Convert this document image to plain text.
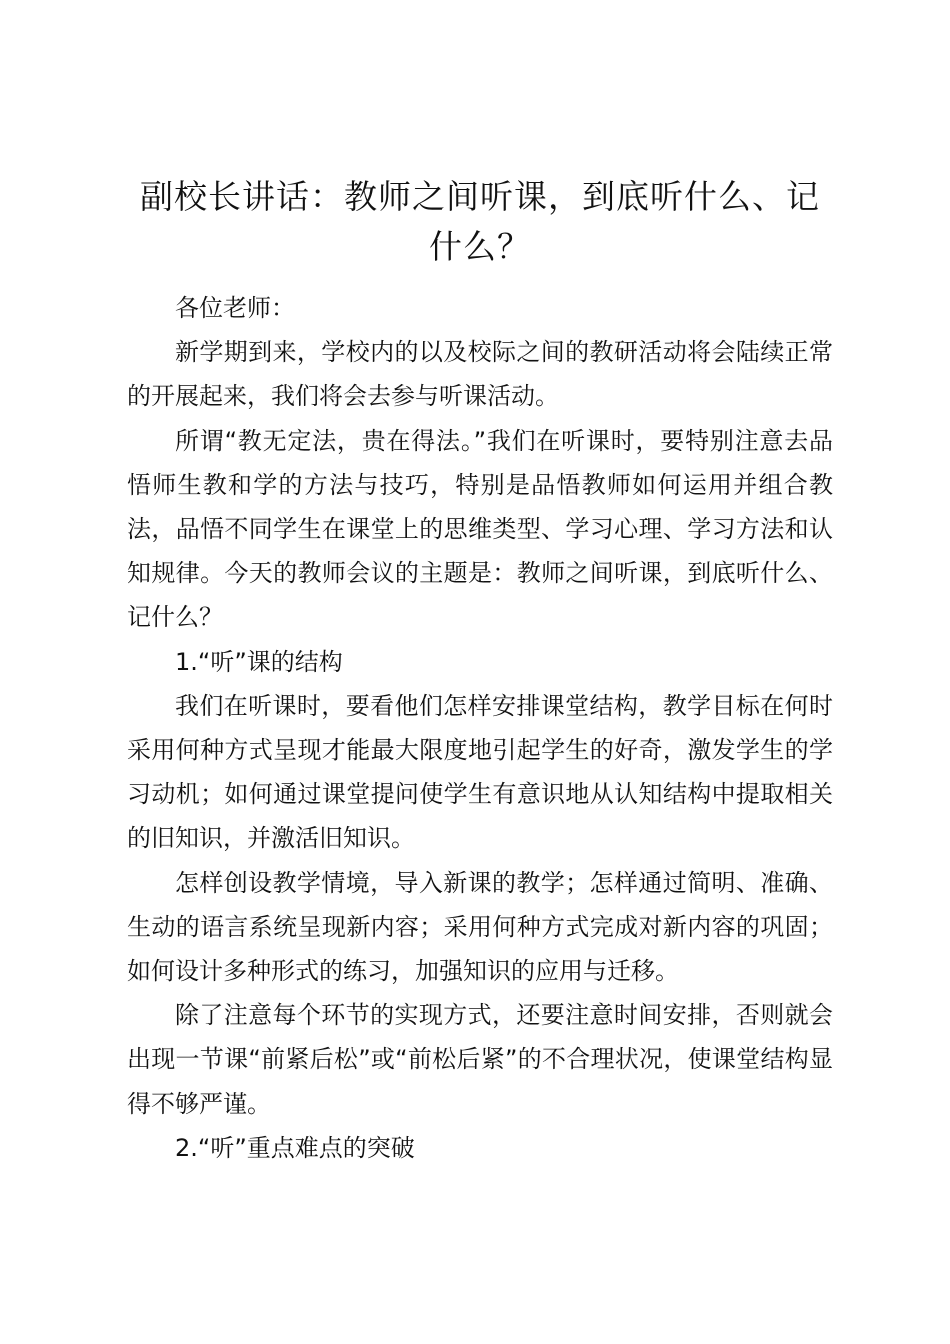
副校长讲话：教师之间听课，到底听什么、记什么？

各位老师：

新学期到来，学校内的以及校际之间的教研活动将会陆续正常的开展起来，我们将会去参与听课活动。

所谓“教无定法，贵在得法。”我们在听课时，要特别注意去品悟师生教和学的方法与技巧，特别是品悟教师如何运用并组合教法，品悟不同学生在课堂上的思维类型、学习心理、学习方法和认知规律。今天的教师会议的主题是：教师之间听课，到底听什么、记什么？

1.“听”课的结构

我们在听课时，要看他们怎样安排课堂结构，教学目标在何时采用何种方式呈现才能最大限度地引起学生的好奇，激发学生的学习动机；如何通过课堂提问使学生有意识地从认知结构中提取相关的旧知识，并激活旧知识。

怎样创设教学情境，导入新课的教学；怎样通过简明、准确、生动的语言系统呈现新内容；采用何种方式完成对新内容的巩固；如何设计多种形式的练习，加强知识的应用与迁移。

除了注意每个环节的实现方式，还要注意时间安排，否则就会出现一节课“前紧后松”或“前松后紧”的不合理状况，使课堂结构显得不够严谨。

2.“听”重点难点的突破
